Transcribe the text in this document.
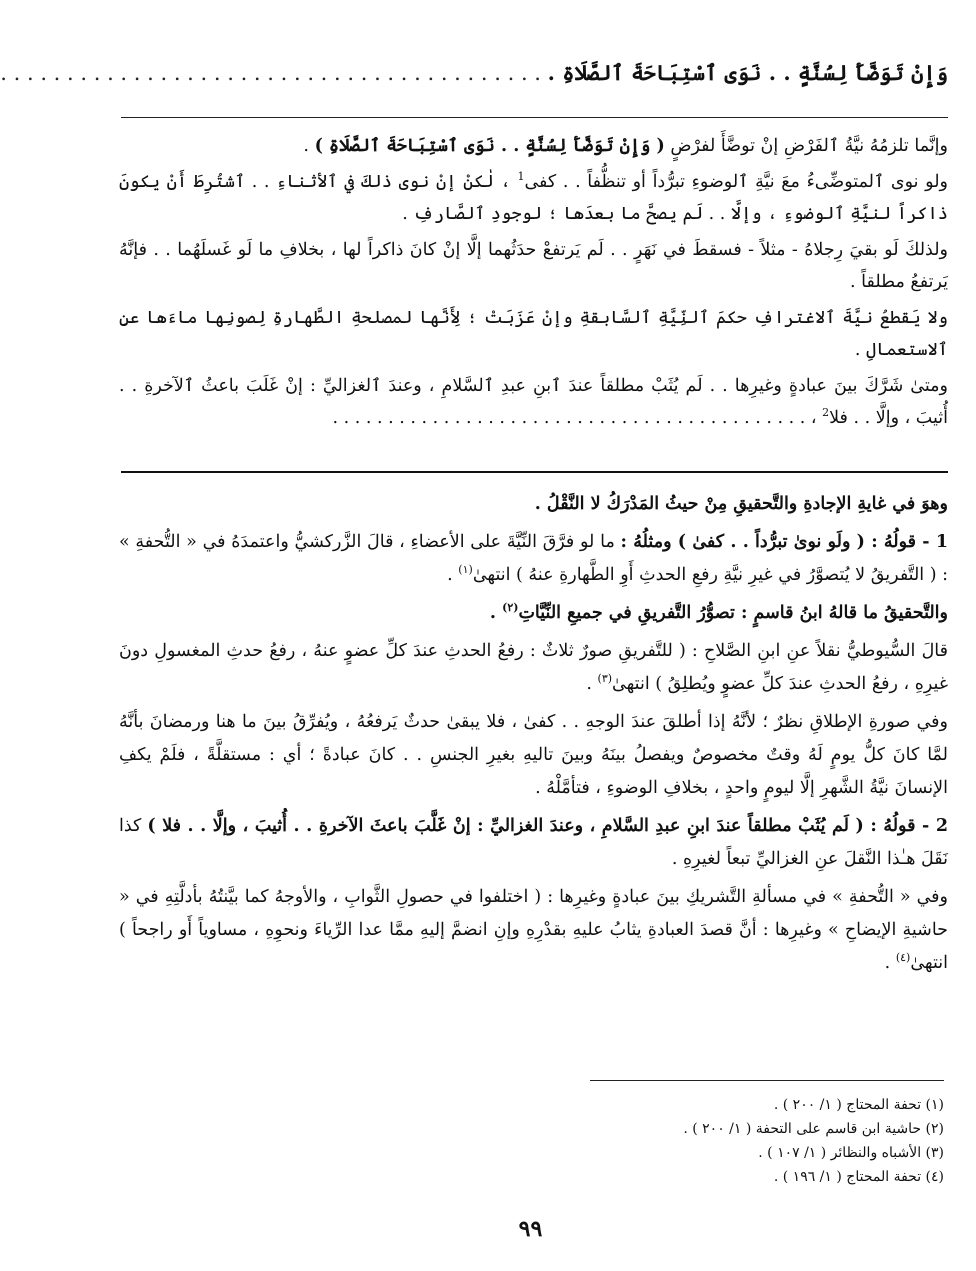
وَإِنْ تَوَضَّأَ لِسُنَّةٍ . . نَوَى ٱسْتِبَاحَةَ ٱلصَّلَاةِ . . . . . . . . . . . . . . . . . . . . . . . . . . . . . . . . . . . . . . . . . .

وإنَّما تلزمُهُ نيَّةُ ٱلفَرْضِ إنْ توضَّأَ لفرْضٍ ( وَإِنْ تَوَضَّأَ لِسُنَّةٍ . . نَوَى ٱسْتِبَاحَةَ ٱلصَّلَاةِ ) .

ولو نوى ٱلمتوضِّىءُ معَ نيَّةِ ٱلوضوءِ تبرُّداً أو تنظُّفاً . . كفى$^1$ ، لٰكنْ إنْ نوى ذلكَ في ٱلأثناءِ . . ٱشتُرِطَ أَنْ يكونَ ذاكراً لنيَّةِ ٱلوضوءِ ، وإلَّا . . لَم يصحَّ ما بعدَها ؛ لوجودِ ٱلصَّارفِ .

ولذلكَ لَو بقيَ رِجلاهُ - مثلاً - فسقطَ في نَهَرٍ . . لَم يَرتفعْ حدَثُهما إلَّا إنْ كانَ ذاكراً لها ، بخلافِ ما لَو غَسلَهُما . . فإنَّهُ يَرتفعُ مطلقاً .

ولا يَقطعُ نيَّةَ ٱلاغترافِ حكمَ ٱلنِّيَّةِ ٱلسَّابقةِ وإنْ عَزَبَتْ ؛ لِأَنَّها لمصلحةِ الطَّهارةِ لِصونِها ماءَها عنِ ٱلاستعمالِ .

ومتىٰ شَرَّكَ بينَ عبادةٍ وغيرِها . . لَم يُثَبْ مطلقاً عندَ ٱبنِ عبدِ ٱلسَّلامِ ، وعندَ ٱلغزاليِّ : إنْ غَلَبَ باعثُ ٱلآخرةِ . . أُثيبَ ، وإلَّا . . فلا$^2$ ، . . . . . . . . . . . . . . . . . . . . . . . . . . . . . . . . . . . . . . . . . . .

وهوَ في غايةِ الإجادةِ والتَّحقيقِ مِنْ حيثُ المَدْرَكُ لا النَّقْلُ .

1 - قولُهُ : ( ولَو نوىٰ تبرُّداً . . كفىٰ ) ومثلُهُ : ما لو فرَّقَ النِّيَّةَ على الأعضاءِ ، قالَ الزَّركشيُّ واعتمدَهُ في « التُّحفةِ » : ( التَّفريقُ لا يُتصوَّرُ في غيرِ نيَّةِ رفعِ الحدثِ أَوِ الطَّهارةِ عنهُ ) انتهىٰ$^{(١)}$ .

والتَّحقيقُ ما قالهُ ابنُ قاسمٍ : تصوُّرُ التَّفريقِ في جميعِ النِّيَّاتِ$^{(٢)}$ .

قالَ السُّيوطيُّ نقلاً عنِ ابنِ الصَّلاحِ : ( للتَّفريقِ صورٌ ثلاثٌ : رفعُ الحدثِ عندَ كلِّ عضوٍ عنهُ ، رفعُ حدثِ المغسولِ دونَ غيرِهِ ، رفعُ الحدثِ عندَ كلِّ عضوٍ ويُطلِقُ ) انتهىٰ$^{(٣)}$ .

وفي صورةِ الإطلاقِ نظرٌ ؛ لأنَّهُ إذا أطلقَ عندَ الوجهِ . . كفىٰ ، فلا يبقىٰ حدثٌ يَرفعُهُ ، ويُفرِّقُ بينَ ما هنا ورمضانَ بأنَّهُ لمَّا كانَ كلُّ يومٍ لَهُ وقتٌ مخصوصٌ ويفصلُ بينَهُ وبينَ تاليهِ بغيرِ الجنسِ . . كانَ عبادةً ؛ أي : مستقلَّةً ، فلَمْ يكفِ الإنسانَ نيَّةُ الشَّهرِ إلَّا ليومٍ واحدٍ ، بخلافِ الوضوءِ ، فتأمَّلْهُ .

2 - قولُهُ : ( لَم يُثَبْ مطلقاً عندَ ابنِ عبدِ السَّلامِ ، وعندَ الغزاليِّ : إنْ غَلَّبَ باعثَ الآخرةِ . . أُثيبَ ، وإلَّا . . فلا ) كذا نَقَلَ هـٰذا النَّقلَ عنِ الغزاليِّ تبعاً لغيرِهِ .

وفي « التُّحفةِ » في مسألةِ التَّشريكِ بينَ عبادةٍ وغيرِها : ( اختلفوا في حصولِ الثَّوابِ ، والأوجهُ كما بيَّنتُهُ بأدلَّتِهِ في « حاشيةِ الإيضاحِ » وغيرِها : أنَّ قصدَ العبادةِ يثابُ عليهِ بقدْرِهِ وإنِ انضمَّ إليهِ ممَّا عدا الرِّياءَ ونحوِهِ ، مساوياً أَو راجحاً ) انتهىٰ$^{(٤)}$ .

(١) تحفة المحتاج ( ١/ ٢٠٠ ) .
(٢) حاشية ابن قاسم على التحفة ( ١/ ٢٠٠ ) .
(٣) الأشباه والنظائر ( ١/ ١٠٧ ) .
(٤) تحفة المحتاج ( ١/ ١٩٦ ) .
٩٩
